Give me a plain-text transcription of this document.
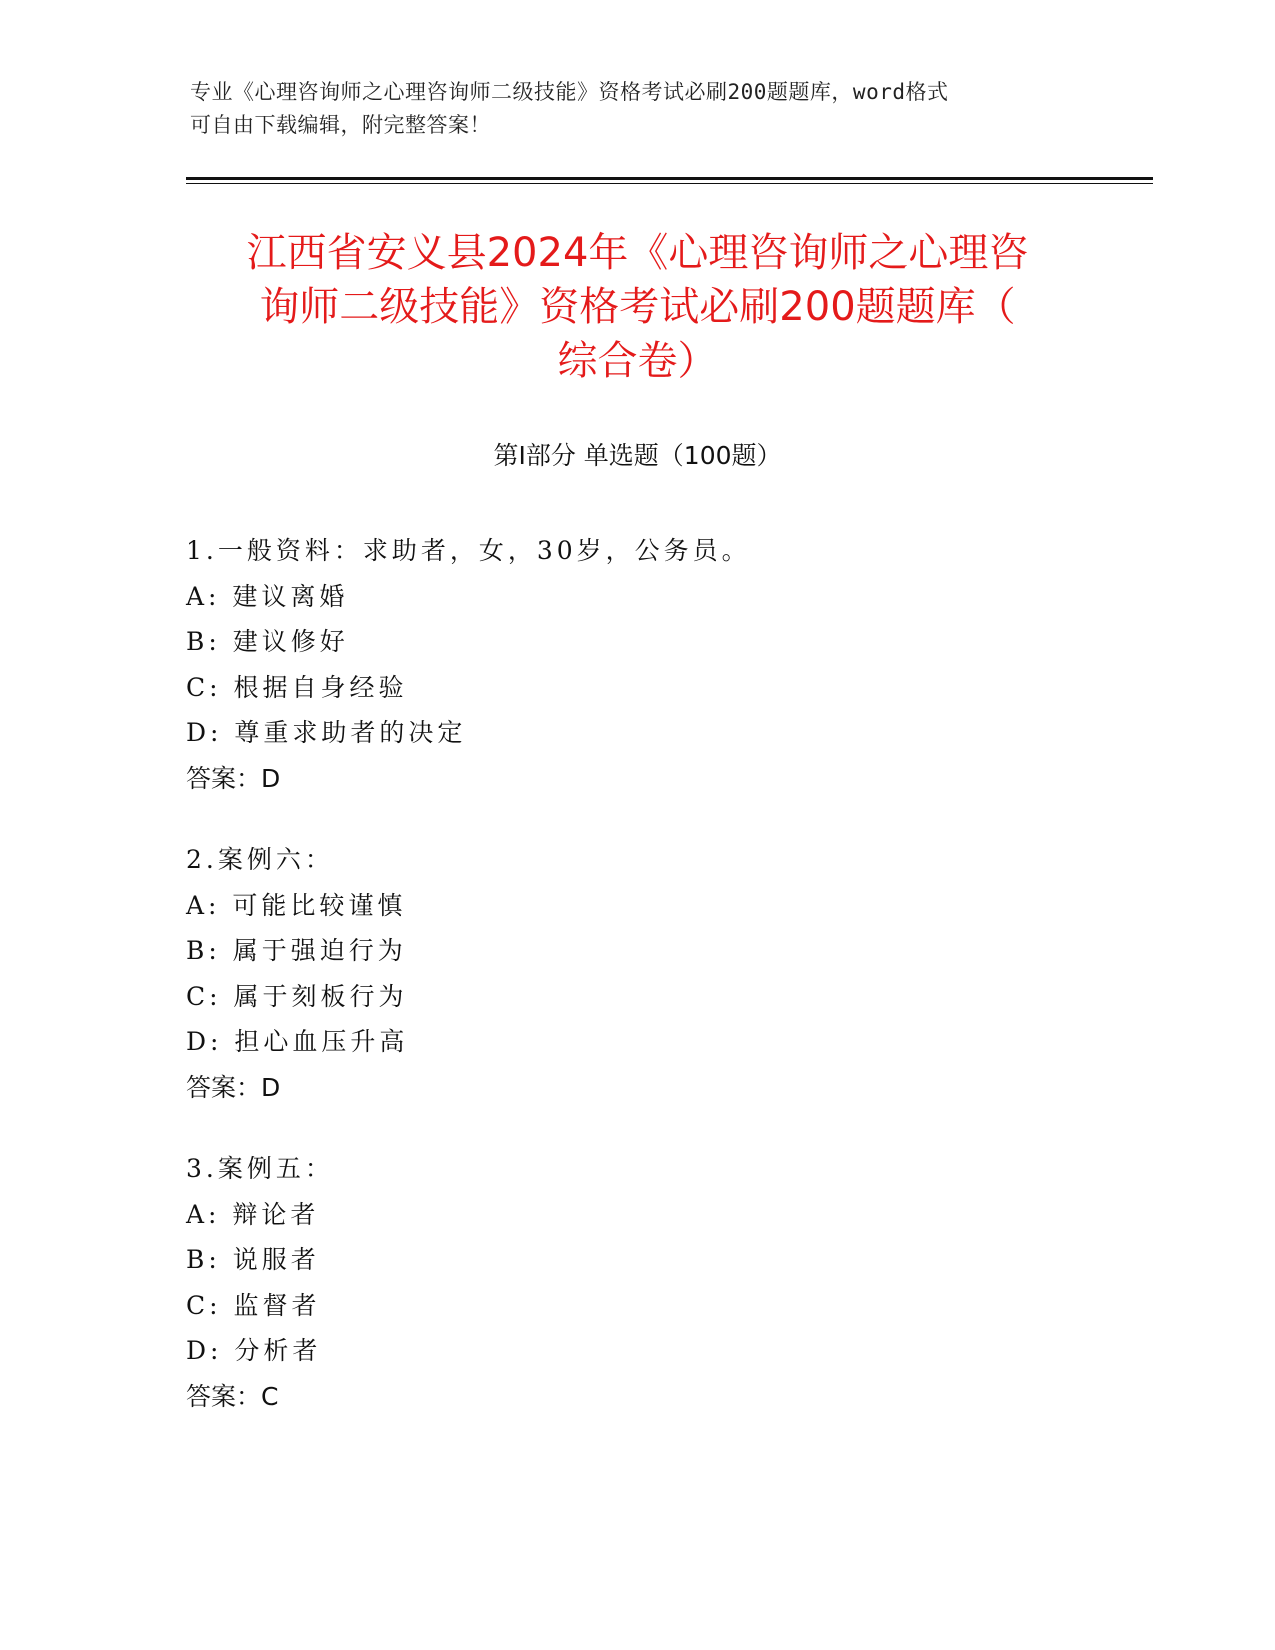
专业《心理咨询师之心理咨询师二级技能》资格考试必刷200题题库，word格式
可自由下载编辑，附完整答案！
江西省安义县2024年《心理咨询师之心理咨
询师二级技能》资格考试必刷200题题库（
综合卷）
第Ⅰ部分 单选题（100题）
1.一般资料：求助者，女，30岁，公务员。
A: 建议离婚
B: 建议修好
C: 根据自身经验
D: 尊重求助者的决定
答案：D
2.案例六：
A: 可能比较谨慎
B: 属于强迫行为
C: 属于刻板行为
D: 担心血压升高
答案：D
3.案例五：
A: 辩论者
B: 说服者
C: 监督者
D: 分析者
答案：C
